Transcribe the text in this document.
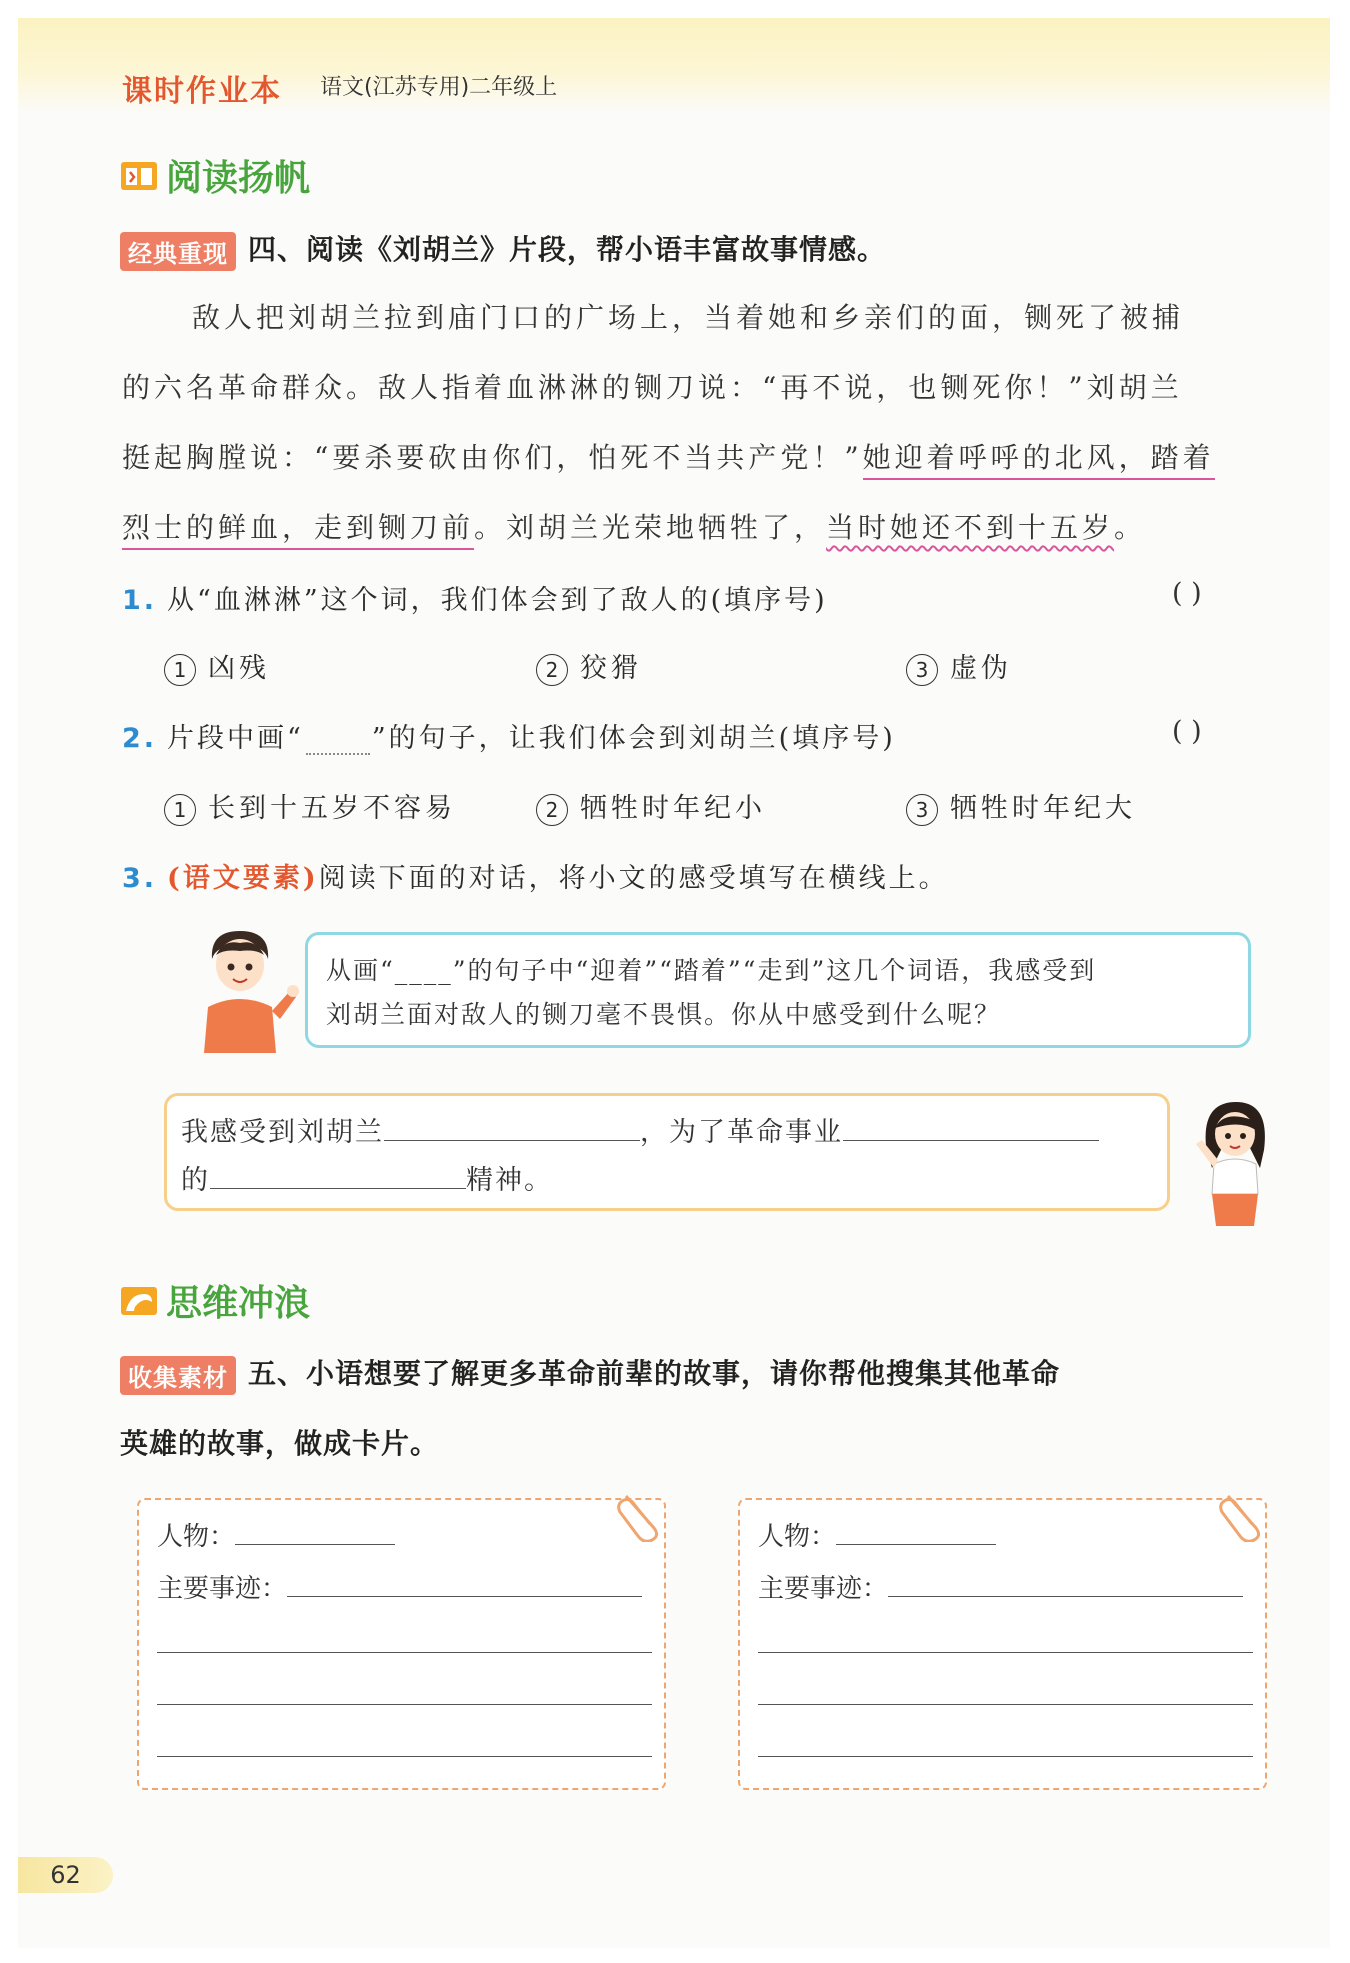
课时作业本 语文(江苏专用)二年级上
阅读扬帆
经典重现 四、阅读《刘胡兰》片段，帮小语丰富故事情感。
敌人把刘胡兰拉到庙门口的广场上，当着她和乡亲们的面，铡死了被捕
的六名革命群众。敌人指着血淋淋的铡刀说：“再不说，也铡死你！”刘胡兰
挺起胸膛说：“要杀要砍由你们，怕死不当共产党！”她迎着呼呼的北风，踏着
烈士的鲜血，走到铡刀前。刘胡兰光荣地牺牲了，当时她还不到十五岁。
1. 从“血淋淋”这个词，我们体会到了敌人的(填序号)	( )
1 凶残	2 狡猾	3 虚伪
2. 片段中画“	”的句子，让我们体会到刘胡兰(填序号)	( )
1 长到十五岁不容易	2 牺牲时年纪小	3 牺牲时年纪大
3. (语文要素)阅读下面的对话，将小文的感受填写在横线上。
从画“____”的句子中“迎着”“踏着”“走到”这几个词语，我感受到
刘胡兰面对敌人的铡刀毫不畏惧。你从中感受到什么呢？
我感受到刘胡兰	，为了革命事业
的	精神。
思维冲浪
收集素材 五、小语想要了解更多革命前辈的故事，请你帮他搜集其他革命
英雄的故事，做成卡片。
人物：
主要事迹：
人物：
主要事迹：
62
